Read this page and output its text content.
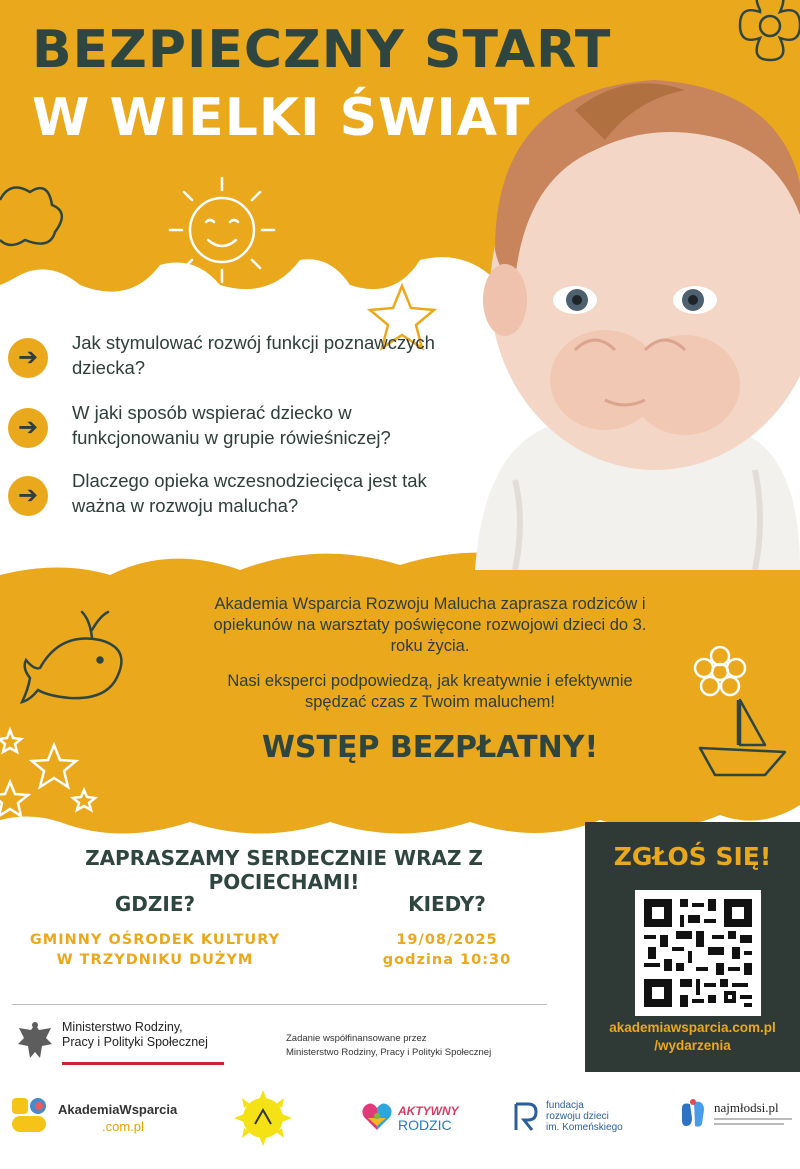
BEZPIECZNY START
W WIELKI ŚWIAT
➔
Jak stymulować rozwój funkcji poznawczych dziecka?
➔
W jaki sposób wspierać dziecko w funkcjonowaniu w grupie rówieśniczej?
➔
Dlaczego opieka wczesnodziecięca jest tak ważna w rozwoju malucha?

Akademia Wsparcia Rozwoju Malucha zaprasza rodziców i opiekunów na warsztaty poświęcone rozwojowi dzieci do 3. roku życia.

Nasi eksperci podpowiedzą, jak kreatywnie i efektywnie spędzać czas z Twoim maluchem!

WSTĘP BEZPŁATNY!
ZAPRASZAMY SERDECZNIE WRAZ Z POCIECHAMI!
GDZIE?
GMINNY OŚRODEK KULTURY
W TRZYDNIKU DUŻYM
KIEDY?
19/08/2025
godzina 10:30
ZGŁOŚ SIĘ!
akademiawsparcia.com.pl
/wydarzenia
Ministerstwo Rodziny,
Pracy i Polityki Społecznej	Zadanie współfinansowane przez
Ministerstwo Rodziny, Pracy i Polityki Społecznej
AkademiaWsparcia
.com.pl
AKTYWNY
RODZIC
fundacja
rozwoju dzieci
im. Komeńskiego
najmłodsi.pl
